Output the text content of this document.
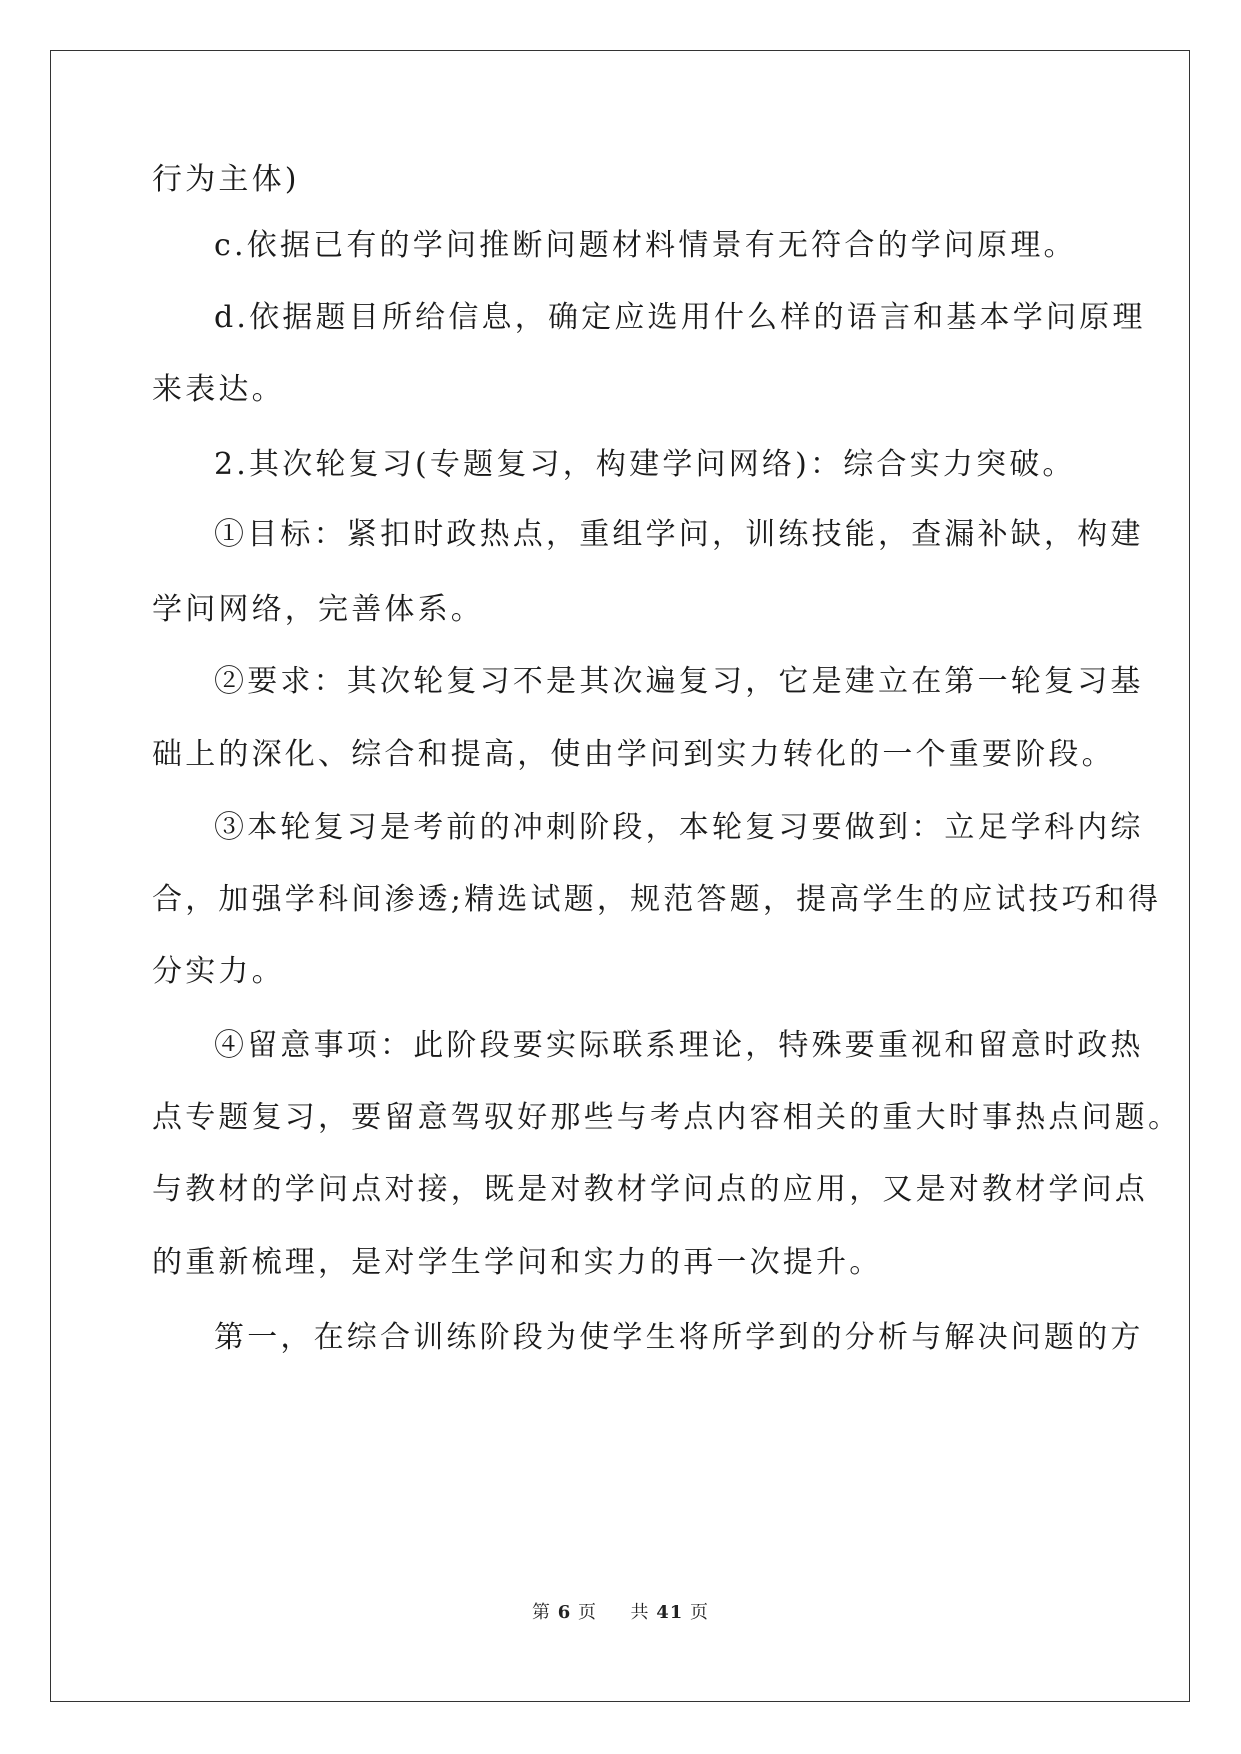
行为主体)
c.依据已有的学问推断问题材料情景有无符合的学问原理。
d.依据题目所给信息，确定应选用什么样的语言和基本学问原理
来表达。
2.其次轮复习(专题复习，构建学问网络)：综合实力突破。
①目标：紧扣时政热点，重组学问，训练技能，查漏补缺，构建
学问网络，完善体系。
②要求：其次轮复习不是其次遍复习，它是建立在第一轮复习基
础上的深化、综合和提高，使由学问到实力转化的一个重要阶段。
③本轮复习是考前的冲刺阶段，本轮复习要做到：立足学科内综
合，加强学科间渗透;精选试题，规范答题，提高学生的应试技巧和得
分实力。
④留意事项：此阶段要实际联系理论，特殊要重视和留意时政热
点专题复习，要留意驾驭好那些与考点内容相关的重大时事热点问题。
与教材的学问点对接，既是对教材学问点的应用，又是对教材学问点
的重新梳理，是对学生学问和实力的再一次提升。
第一，在综合训练阶段为使学生将所学到的分析与解决问题的方
第 6 页 共 41 页
